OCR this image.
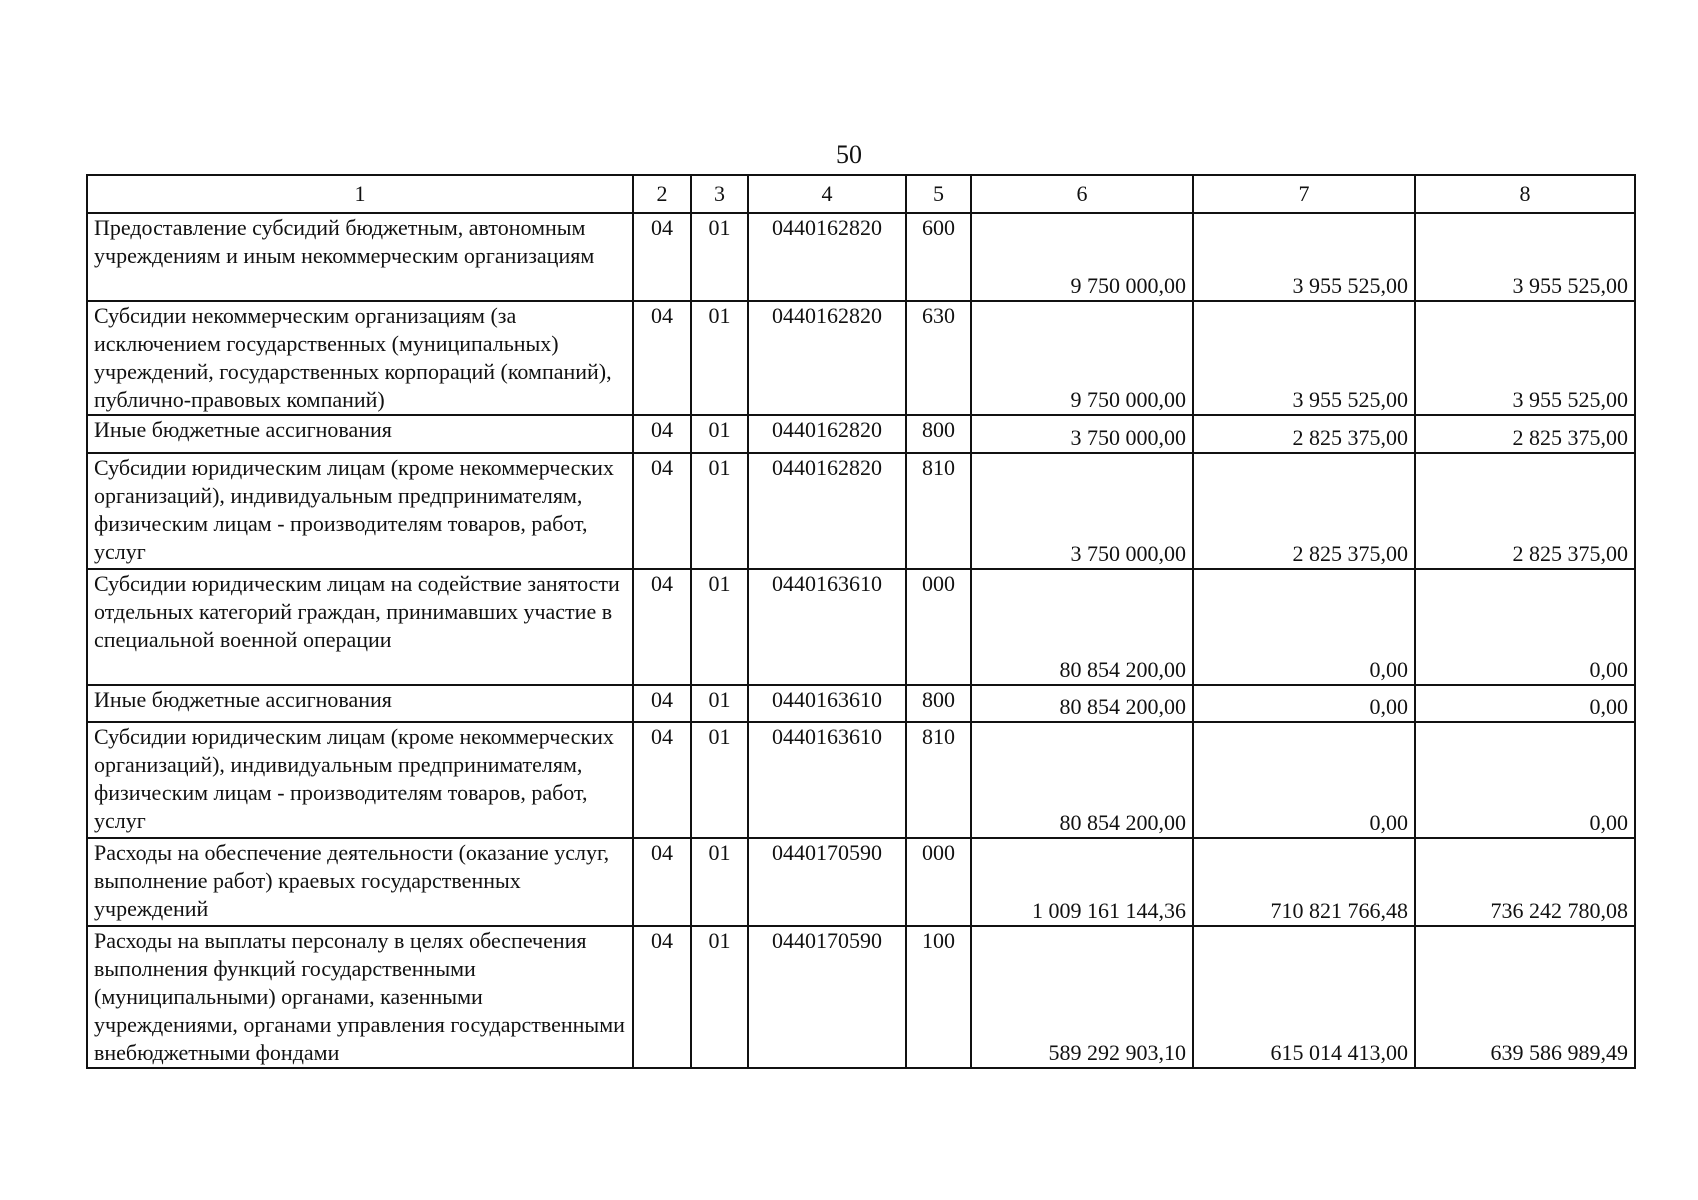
50
1	2	3	4	5	6	7	8
Предоставление субсидий бюджетным, автономным учреждениям и иным некоммерческим организациям	04	01	0440162820	600	9 750 000,00	3 955 525,00	3 955 525,00
Субсидии некоммерческим организациям (за исключением государственных (муниципальных) учреждений, государственных корпораций (компаний), публично-правовых компаний)	04	01	0440162820	630	9 750 000,00	3 955 525,00	3 955 525,00
Иные бюджетные ассигнования	04	01	0440162820	800	3 750 000,00	2 825 375,00	2 825 375,00
Субсидии юридическим лицам (кроме некоммерческих организаций), индивидуальным предпринимателям, физическим лицам - производителям товаров, работ, услуг	04	01	0440162820	810	3 750 000,00	2 825 375,00	2 825 375,00
Субсидии юридическим лицам на содействие занятости отдельных категорий граждан, принимавших участие в специальной военной операции	04	01	0440163610	000	80 854 200,00	0,00	0,00
Иные бюджетные ассигнования	04	01	0440163610	800	80 854 200,00	0,00	0,00
Субсидии юридическим лицам (кроме некоммерческих организаций), индивидуальным предпринимателям, физическим лицам - производителям товаров, работ, услуг	04	01	0440163610	810	80 854 200,00	0,00	0,00
Расходы на обеспечение деятельности (оказание услуг, выполнение работ) краевых государственных учреждений	04	01	0440170590	000	1 009 161 144,36	710 821 766,48	736 242 780,08
Расходы на выплаты персоналу в целях обеспечения выполнения функций государственными (муниципальными) органами, казенными учреждениями, органами управления государственными внебюджетными фондами	04	01	0440170590	100	589 292 903,10	615 014 413,00	639 586 989,49
